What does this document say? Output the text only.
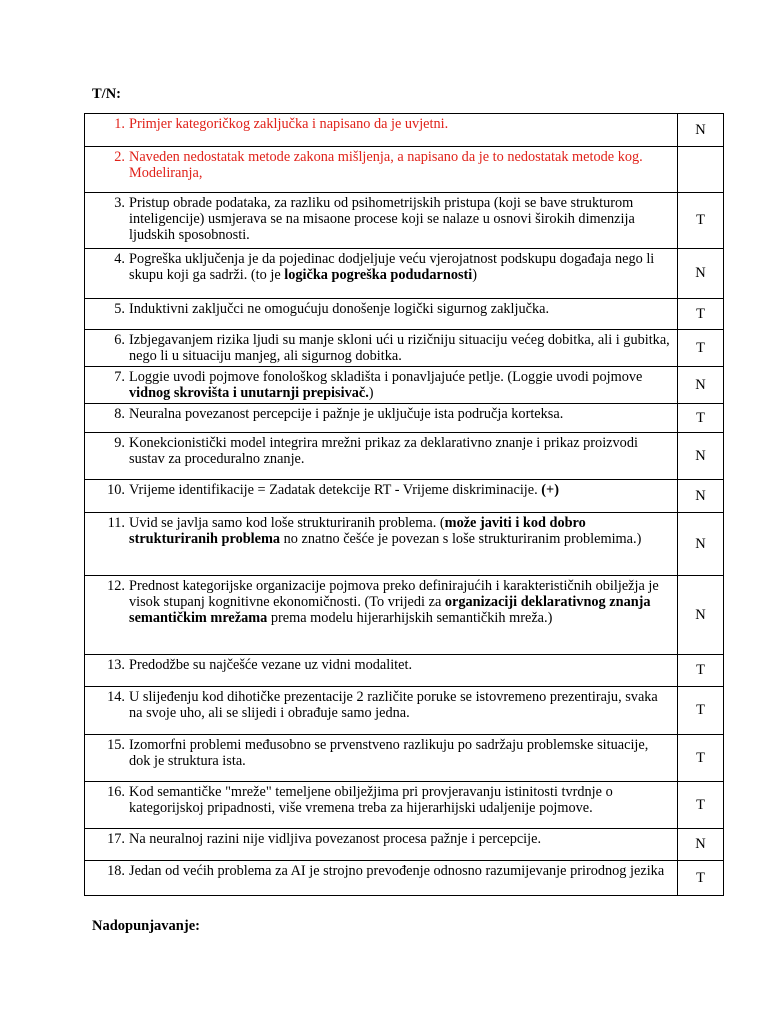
T/N:
1. Primjer kategoričkog zaključka i napisano da je uvjetni.	N

2. Naveden nedostatak metode zakona mišljenja, a napisano da je to nedostatak metode kog. Modeliranja,	

3. Pristup obrade podataka, za razliku od psihometrijskih pristupa (koji se bave strukturom inteligencije) usmjerava se na misaone procese koji se nalaze u osnovi širokih dimenzija ljudskih sposobnosti.	T

4. Pogreška uključenja je da pojedinac dodjeljuje veću vjerojatnost podskupu događaja nego li skupu koji ga sadrži. (to je logička pogreška podudarnosti)	N

5. Induktivni zaključci ne omogućuju donošenje logički sigurnog zaključka.	T

6. Izbjegavanjem rizika ljudi su manje skloni ući u rizičniju situaciju većeg dobitka, ali i gubitka, nego li u situaciju manjeg, ali sigurnog dobitka.	T

7. Loggie uvodi pojmove fonološkog skladišta i ponavljajuće petlje. (Loggie uvodi pojmove vidnog skrovišta i unutarnji prepisivač.)	N

8. Neuralna povezanost percepcije i pažnje je uključuje ista područja korteksa.	T

9. Konekcionistički model integrira mrežni prikaz za deklarativno znanje i prikaz proizvodi sustav za proceduralno znanje.	N

10. Vrijeme identifikacije = Zadatak detekcije RT - Vrijeme diskriminacije. (+)	N

11. Uvid se javlja samo kod loše strukturiranih problema. (može javiti i kod dobro strukturiranih problema no znatno češće je povezan s loše strukturiranim problemima.)	N

12. Prednost kategorijske organizacije pojmova preko definirajućih i karakterističnih obilježja je visok stupanj kognitivne ekonomičnosti. (To vrijedi za organizaciji deklarativnog znanja semantičkim mrežama prema modelu hijerarhijskih semantičkih mreža.)	N

13. Predodžbe su najčešće vezane uz vidni modalitet.	T

14. U slijeđenju kod dihotičke prezentacije 2 različite poruke se istovremeno prezentiraju, svaka na svoje uho, ali se slijedi i obrađuje samo jedna.	T

15. Izomorfni problemi međusobno se prvenstveno razlikuju po sadržaju problemske situacije, dok je struktura ista.	T

16. Kod semantičke "mreže" temeljene obilježjima pri provjeravanju istinitosti tvrdnje o kategorijskoj pripadnosti, više vremena treba za hijerarhijski udaljenije pojmove.	T

17. Na neuralnoj razini nije vidljiva povezanost procesa pažnje i percepcije.	N

18. Jedan od većih problema za AI je strojno prevođenje odnosno razumijevanje prirodnog jezika	T
Nadopunjavanje:
